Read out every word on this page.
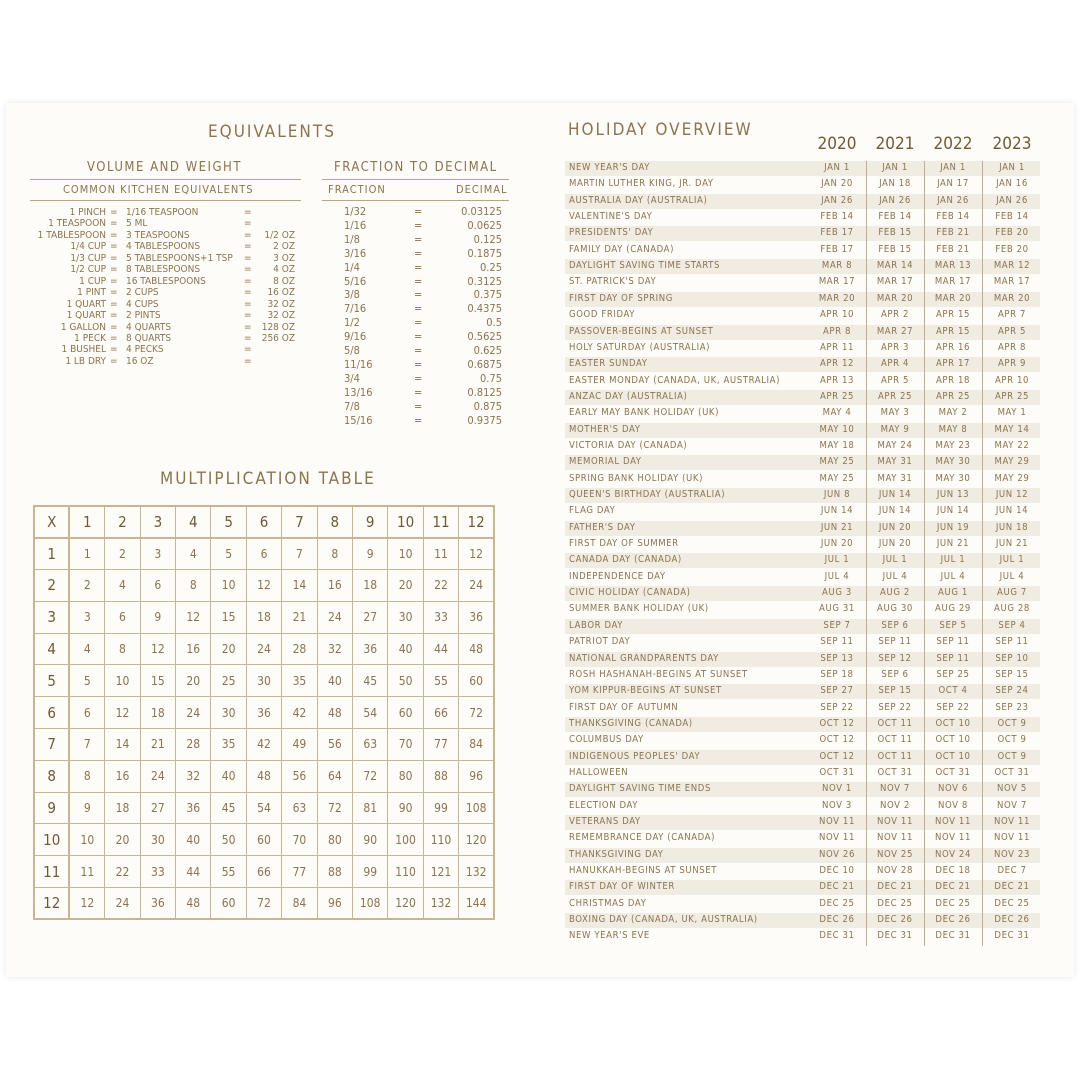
EQUIVALENTS
VOLUME AND WEIGHT
COMMON KITCHEN EQUIVALENTS
1 PINCH = 1/16 TEASPOON	=
1 TEASPOON = 5 ML	=
1 TABLESPOON = 3 TEASPOONS	=	1/2 OZ
1/4 CUP = 4 TABLESPOONS	=	2 OZ
1/3 CUP = 5 TABLESPOONS+1 TSP =	3 OZ
1/2 CUP = 8 TABLESPOONS	=	4 OZ
1 CUP = 16 TABLESPOONS	=	8 OZ
1 PINT = 2 CUPS	=	16 OZ
1 QUART = 4 CUPS	=	32 OZ
1 QUART = 2 PINTS	=	32 OZ
1 GALLON = 4 QUARTS	=	128 OZ
1 PECK = 8 QUARTS	=	256 OZ
1 BUSHEL = 4 PECKS	=
1 LB DRY = 16 OZ	=
FRACTION TO DECIMAL
FRACTION	DECIMAL
1/32	=	0.03125
1/16	=	0.0625
1/8	=	0.125
3/16	=	0.1875
1/4	=	0.25
5/16	=	0.3125
3/8	=	0.375
7/16	=	0.4375
1/2	=	0.5
9/16	=	0.5625
5/8	=	0.625
11/16	=	0.6875
3/4	=	0.75
13/16	=	0.8125
7/8	=	0.875
15/16	=	0.9375
MULTIPLICATION TABLE
X	1	2	3	4	5	6	7	8	9	10	11	12
1	1	2	3	4	5	6	7	8	9	10	11	12
2	2	4	6	8	10	12	14	16	18	20	22	24
3	3	6	9	12	15	18	21	24	27	30	33	36
4	4	8	12	16	20	24	28	32	36	40	44	48
5	5	10	15	20	25	30	35	40	45	50	55	60
6	6	12	18	24	30	36	42	48	54	60	66	72
7	7	14	21	28	35	42	49	56	63	70	77	84
8	8	16	24	32	40	48	56	64	72	80	88	96
9	9	18	27	36	45	54	63	72	81	90	99	108
10	10	20	30	40	50	60	70	80	90	100	110	120
11	11	22	33	44	55	66	77	88	99	110	121	132
12	12	24	36	48	60	72	84	96	108	120	132	144
HOLIDAY OVERVIEW
2020	2021	2022	2023
NEW YEAR'S DAY	JAN 1	JAN 1	JAN 1	JAN 1
MARTIN LUTHER KING, JR. DAY	JAN 20	JAN 18	JAN 17	JAN 16
AUSTRALIA DAY (AUSTRALIA)	JAN 26	JAN 26	JAN 26	JAN 26
VALENTINE'S DAY	FEB 14	FEB 14	FEB 14	FEB 14
PRESIDENTS' DAY	FEB 17	FEB 15	FEB 21	FEB 20
FAMILY DAY (CANADA)	FEB 17	FEB 15	FEB 21	FEB 20
DAYLIGHT SAVING TIME STARTS	MAR 8	MAR 14	MAR 13	MAR 12
ST. PATRICK'S DAY	MAR 17	MAR 17	MAR 17	MAR 17
FIRST DAY OF SPRING	MAR 20	MAR 20	MAR 20	MAR 20
GOOD FRIDAY	APR 10	APR 2	APR 15	APR 7
PASSOVER-BEGINS AT SUNSET	APR 8	MAR 27	APR 15	APR 5
HOLY SATURDAY (AUSTRALIA)	APR 11	APR 3	APR 16	APR 8
EASTER SUNDAY	APR 12	APR 4	APR 17	APR 9
EASTER MONDAY (CANADA, UK, AUSTRALIA)	APR 13	APR 5	APR 18	APR 10
ANZAC DAY (AUSTRALIA)	APR 25	APR 25	APR 25	APR 25
EARLY MAY BANK HOLIDAY (UK)	MAY 4	MAY 3	MAY 2	MAY 1
MOTHER'S DAY	MAY 10	MAY 9	MAY 8	MAY 14
VICTORIA DAY (CANADA)	MAY 18	MAY 24	MAY 23	MAY 22
MEMORIAL DAY	MAY 25	MAY 31	MAY 30	MAY 29
SPRING BANK HOLIDAY (UK)	MAY 25	MAY 31	MAY 30	MAY 29
QUEEN'S BIRTHDAY (AUSTRALIA)	JUN 8	JUN 14	JUN 13	JUN 12
FLAG DAY	JUN 14	JUN 14	JUN 14	JUN 14
FATHER'S DAY	JUN 21	JUN 20	JUN 19	JUN 18
FIRST DAY OF SUMMER	JUN 20	JUN 20	JUN 21	JUN 21
CANADA DAY (CANADA)	JUL 1	JUL 1	JUL 1	JUL 1
INDEPENDENCE DAY	JUL 4	JUL 4	JUL 4	JUL 4
CIVIC HOLIDAY (CANADA)	AUG 3	AUG 2	AUG 1	AUG 7
SUMMER BANK HOLIDAY (UK)	AUG 31	AUG 30	AUG 29	AUG 28
LABOR DAY	SEP 7	SEP 6	SEP 5	SEP 4
PATRIOT DAY	SEP 11	SEP 11	SEP 11	SEP 11
NATIONAL GRANDPARENTS DAY	SEP 13	SEP 12	SEP 11	SEP 10
ROSH HASHANAH-BEGINS AT SUNSET	SEP 18	SEP 6	SEP 25	SEP 15
YOM KIPPUR-BEGINS AT SUNSET	SEP 27	SEP 15	OCT 4	SEP 24
FIRST DAY OF AUTUMN	SEP 22	SEP 22	SEP 22	SEP 23
THANKSGIVING (CANADA)	OCT 12	OCT 11	OCT 10	OCT 9
COLUMBUS DAY	OCT 12	OCT 11	OCT 10	OCT 9
INDIGENOUS PEOPLES' DAY	OCT 12	OCT 11	OCT 10	OCT 9
HALLOWEEN	OCT 31	OCT 31	OCT 31	OCT 31
DAYLIGHT SAVING TIME ENDS	NOV 1	NOV 7	NOV 6	NOV 5
ELECTION DAY	NOV 3	NOV 2	NOV 8	NOV 7
VETERANS DAY	NOV 11	NOV 11	NOV 11	NOV 11
REMEMBRANCE DAY (CANADA)	NOV 11	NOV 11	NOV 11	NOV 11
THANKSGIVING DAY	NOV 26	NOV 25	NOV 24	NOV 23
HANUKKAH-BEGINS AT SUNSET	DEC 10	NOV 28	DEC 18	DEC 7
FIRST DAY OF WINTER	DEC 21	DEC 21	DEC 21	DEC 21
CHRISTMAS DAY	DEC 25	DEC 25	DEC 25	DEC 25
BOXING DAY (CANADA, UK, AUSTRALIA)	DEC 26	DEC 26	DEC 26	DEC 26
NEW YEAR'S EVE	DEC 31	DEC 31	DEC 31	DEC 31
